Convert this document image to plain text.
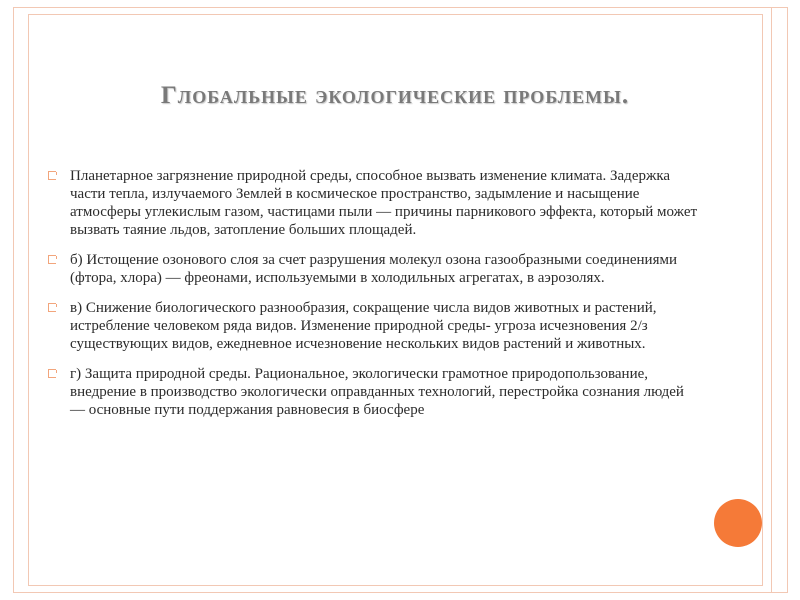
Глобальные экологические проблемы.
Планетарное загрязнение природной среды, способное вызвать изменение климата. Задержка части тепла, излучаемого Землей в космическое пространство, задымление и насыщение атмосферы углекислым газом, частицами пыли — причины парникового эффекта, который может вызвать таяние льдов, затопление больших площадей.
б) Истощение озонового слоя за счет разрушения молекул озона газообразными соединениями (фтора, хлора) — фреонами, используемыми в холодильных агрегатах, в аэрозолях.
в) Снижение биологического разнообразия, сокращение числа видов животных и растений, истребление человеком ряда видов. Изменение природной среды- угроза исчезновения 2/з существующих видов, ежедневное исчезновение нескольких видов растений и животных.
г) Защита природной среды. Рациональное, экологически грамотное природопользование, внедрение в производство экологически оправданных технологий, перестройка сознания людей — основные пути поддержания равновесия в биосфере
